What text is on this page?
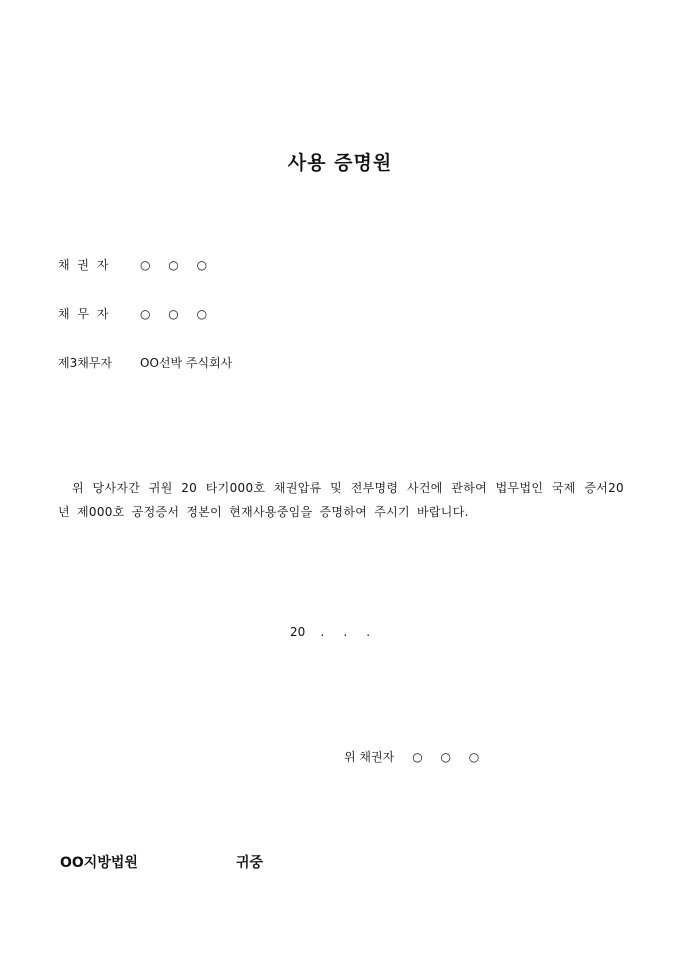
사용 증명원
채 권 자 ○ ○ ○
채 무 자 ○ ○ ○
제3채무자 OO선박 주식회사
위 당사자간 귀원 20 타기000호 채권압류 및 전부명령 사건에 관하여 법무법인 국제 증서20 년 제000호 공정증서 정본이 현재사용중임을 증명하여 주시기 바랍니다.
20    .     .     .
위 채권자 ○ ○ ○
OO지방법원	귀중
